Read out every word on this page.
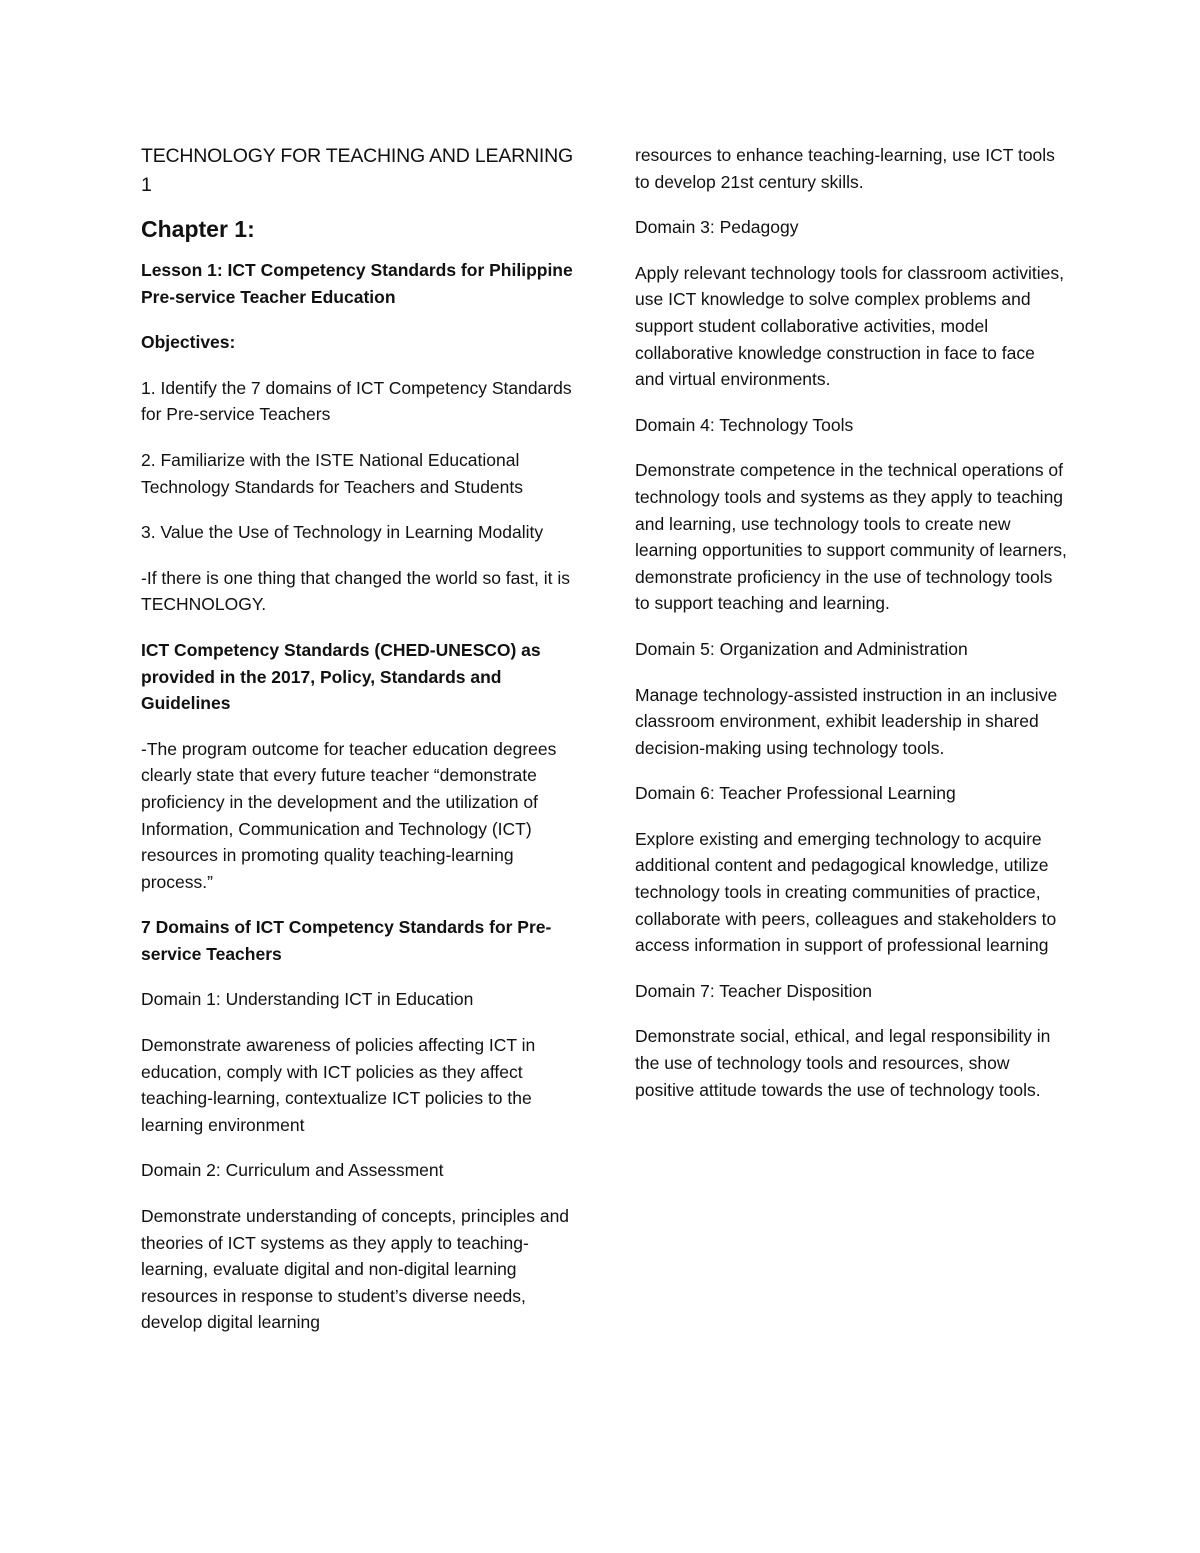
TECHNOLOGY FOR TEACHING AND LEARNING 1

Chapter 1:

Lesson 1: ICT Competency Standards for Philippine Pre-service Teacher Education

Objectives:

1. Identify the 7 domains of ICT Competency Standards for Pre-service Teachers

2. Familiarize with the ISTE National Educational Technology Standards for Teachers and Students

3. Value the Use of Technology in Learning Modality

-If there is one thing that changed the world so fast, it is TECHNOLOGY.

ICT Competency Standards (CHED-UNESCO) as provided in the 2017, Policy, Standards and Guidelines

-The program outcome for teacher education degrees clearly state that every future teacher “demonstrate proficiency in the development and the utilization of Information, Communication and Technology (ICT) resources in promoting quality teaching-learning process.”

7 Domains of ICT Competency Standards for Pre-service Teachers

Domain 1: Understanding ICT in Education

Demonstrate awareness of policies affecting ICT in education, comply with ICT policies as they affect teaching-learning, contextualize ICT policies to the learning environment

Domain 2: Curriculum and Assessment

Demonstrate understanding of concepts, principles and theories of ICT systems as they apply to teaching-learning, evaluate digital and non-digital learning resources in response to student’s diverse needs, develop digital learning

resources to enhance teaching-learning, use ICT tools to develop 21st century skills.

Domain 3: Pedagogy

Apply relevant technology tools for classroom activities, use ICT knowledge to solve complex problems and support student collaborative activities, model collaborative knowledge construction in face to face and virtual environments.

Domain 4: Technology Tools

Demonstrate competence in the technical operations of technology tools and systems as they apply to teaching and learning, use technology tools to create new learning opportunities to support community of learners, demonstrate proficiency in the use of technology tools to support teaching and learning.

Domain 5: Organization and Administration

Manage technology-assisted instruction in an inclusive classroom environment, exhibit leadership in shared decision-making using technology tools.

Domain 6: Teacher Professional Learning

Explore existing and emerging technology to acquire additional content and pedagogical knowledge, utilize technology tools in creating communities of practice, collaborate with peers, colleagues and stakeholders to access information in support of professional learning

Domain 7: Teacher Disposition

Demonstrate social, ethical, and legal responsibility in the use of technology tools and resources, show positive attitude towards the use of technology tools.
